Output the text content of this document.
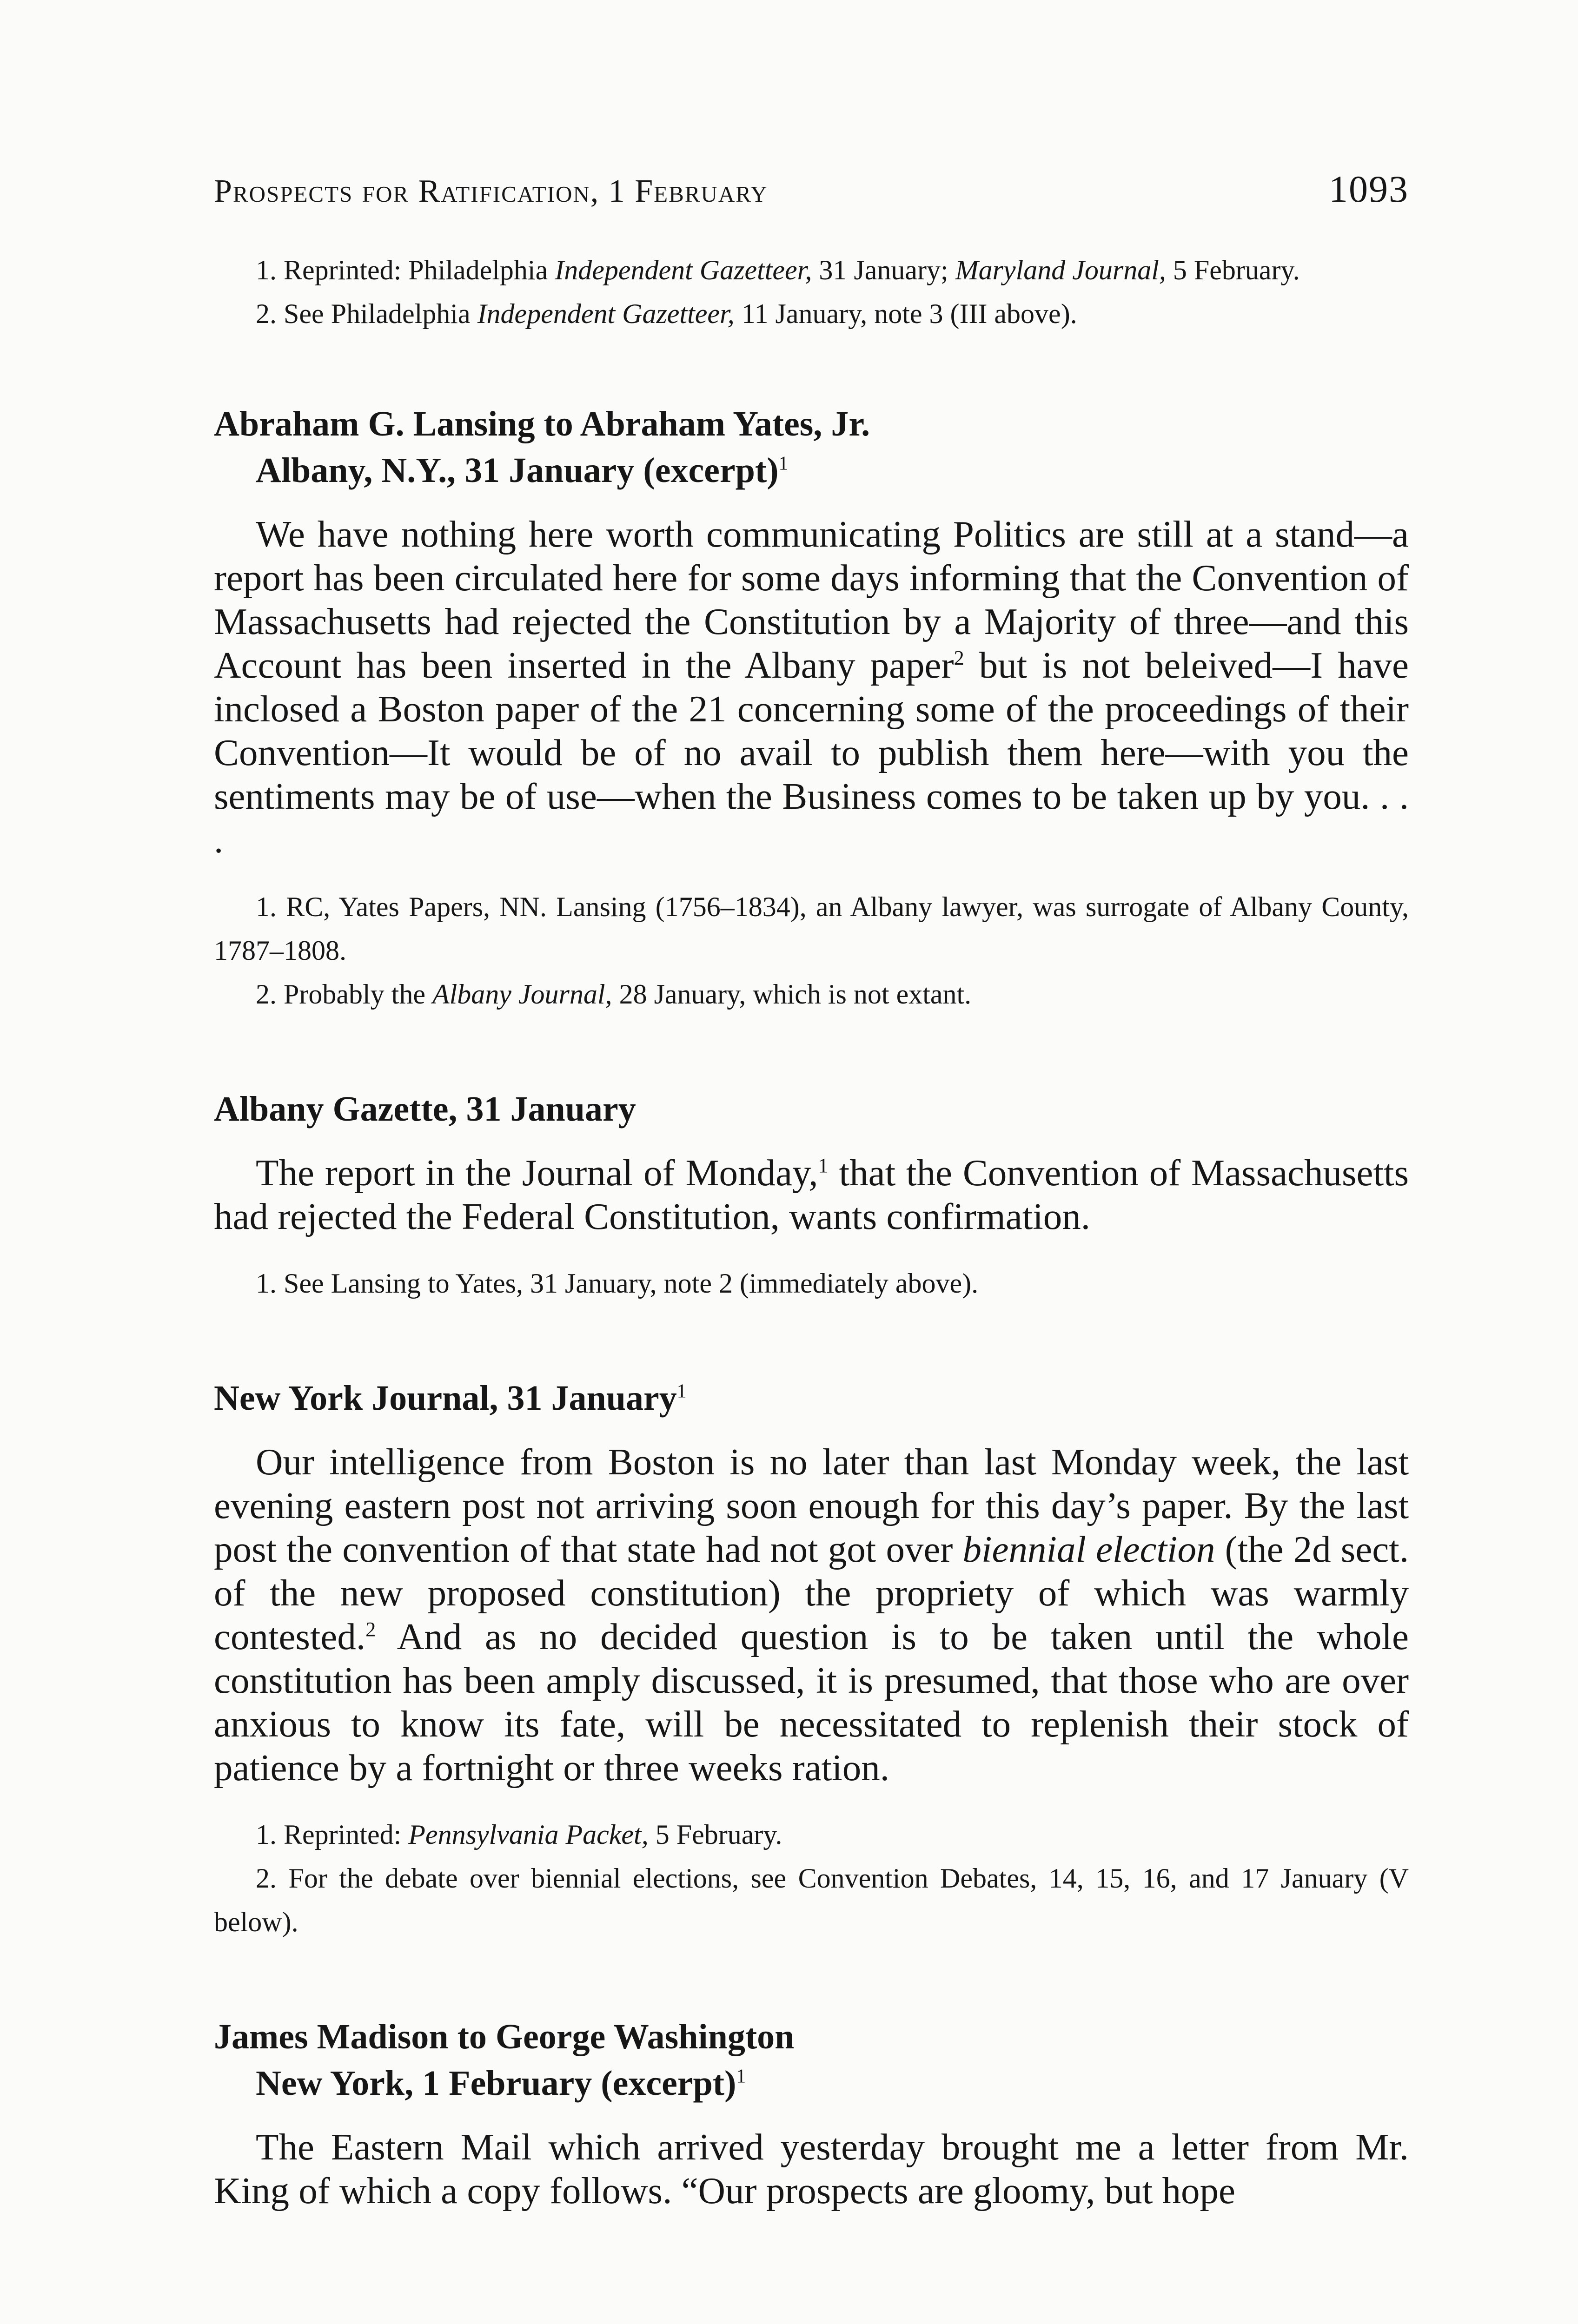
Prospects for Ratification, 1 February	1093

1. Reprinted: Philadelphia Independent Gazetteer, 31 January; Maryland Journal, 5 February.

2. See Philadelphia Independent Gazetteer, 11 January, note 3 (III above).

Abraham G. Lansing to Abraham Yates, Jr.

Albany, N.Y., 31 January (excerpt)$^1$

We have nothing here worth communicating Politics are still at a stand—a report has been circulated here for some days informing that the Convention of Massachusetts had rejected the Constitution by a Majority of three—and this Account has been inserted in the Albany paper$^2$ but is not beleived—I have inclosed a Boston paper of the 21 concerning some of the proceedings of their Convention—It would be of no avail to publish them here—with you the sentiments may be of use—when the Business comes to be taken up by you. . . .

1. RC, Yates Papers, NN. Lansing (1756–1834), an Albany lawyer, was surrogate of Albany County, 1787–1808.

2. Probably the Albany Journal, 28 January, which is not extant.

Albany Gazette, 31 January

The report in the Journal of Monday,$^1$ that the Convention of Massachusetts had rejected the Federal Constitution, wants confirmation.

1. See Lansing to Yates, 31 January, note 2 (immediately above).

New York Journal, 31 January$^1$

Our intelligence from Boston is no later than last Monday week, the last evening eastern post not arriving soon enough for this day’s paper. By the last post the convention of that state had not got over biennial election (the 2d sect. of the new proposed constitution) the propriety of which was warmly contested.$^2$ And as no decided question is to be taken until the whole constitution has been amply discussed, it is presumed, that those who are over anxious to know its fate, will be necessitated to replenish their stock of patience by a fortnight or three weeks ration.

1. Reprinted: Pennsylvania Packet, 5 February.

2. For the debate over biennial elections, see Convention Debates, 14, 15, 16, and 17 January (V below).

James Madison to George Washington

New York, 1 February (excerpt)$^1$

The Eastern Mail which arrived yesterday brought me a letter from Mr. King of which a copy follows. “Our prospects are gloomy, but hope
